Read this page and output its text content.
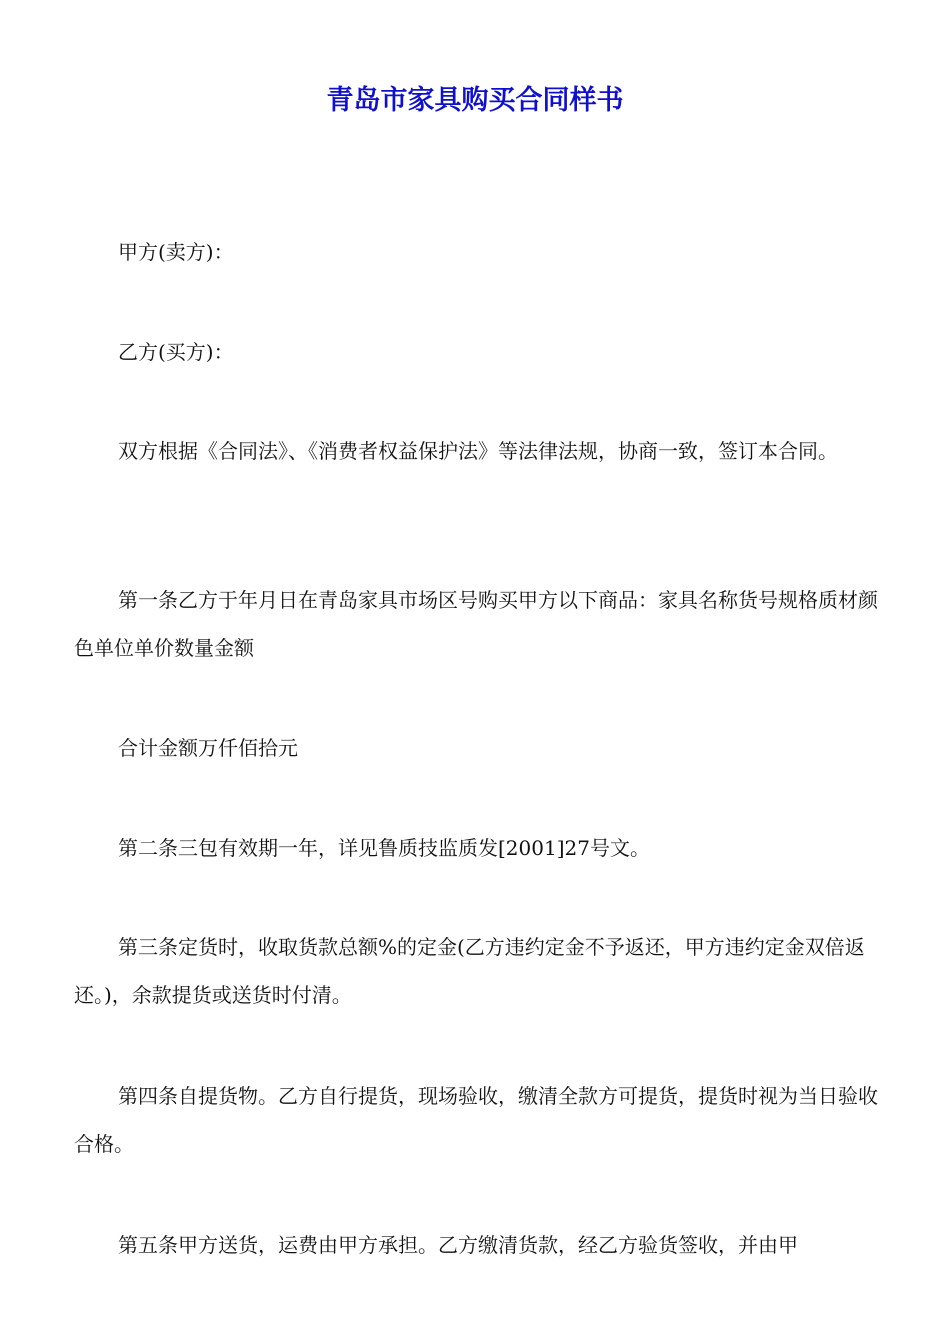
青岛市家具购买合同样书

甲方(卖方)：

乙方(买方)：

双方根据《合同法》、《消费者权益保护法》等法律法规，协商一致，签订本合同。

第一条乙方于年月日在青岛家具市场区号购买甲方以下商品：家具名称货号规格质材颜色单位单价数量金额

合计金额万仟佰拾元

第二条三包有效期一年，详见鲁质技监质发[2001]27号文。

第三条定货时，收取货款总额%的定金(乙方违约定金不予返还，甲方违约定金双倍返还。)，余款提货或送货时付清。

第四条自提货物。乙方自行提货，现场验收，缴清全款方可提货，提货时视为当日验收合格。

第五条甲方送货，运费由甲方承担。乙方缴清货款，经乙方验货签收，并由甲
